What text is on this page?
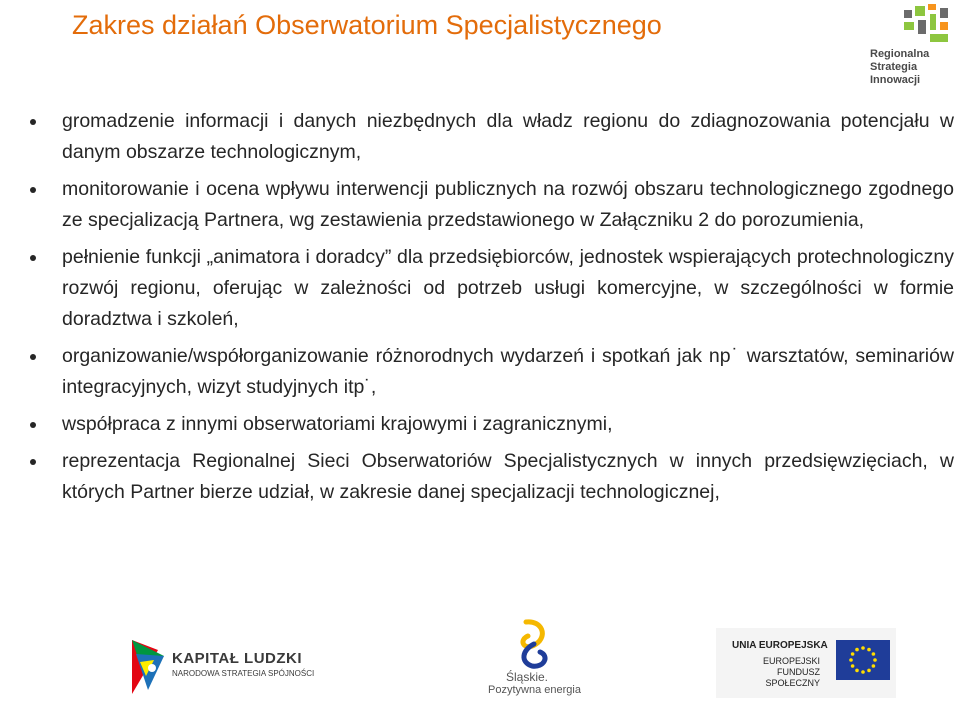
Zakres działań Obserwatorium Specjalistycznego
Regionalna
Strategia
Innowacji
gromadzenie informacji i danych niezbędnych dla władz regionu do zdiagnozowania potencjału w danym obszarze technologicznym,
monitorowanie i ocena wpływu interwencji publicznych na rozwój obszaru technologicznego zgodnego ze specjalizacją Partnera, wg zestawienia przedstawionego w Załączniku 2 do porozumienia,
pełnienie funkcji „animatora i doradcy” dla przedsiębiorców, jednostek wspierających protechnologiczny rozwój regionu, oferując w zależności od potrzeb usługi komercyjne, w szczególności w formie doradztwa i szkoleń,
organizowanie/współorganizowanie różnorodnych wydarzeń i spotkań jak np˙ warsztatów, seminariów integracyjnych, wizyt studyjnych itp˙,
współpraca z innymi obserwatoriami krajowymi i zagranicznymi,
reprezentacja Regionalnej Sieci Obserwatoriów Specjalistycznych w innych przedsięwzięciach, w których Partner bierze udział, w zakresie danej specjalizacji technologicznej,
KAPITAŁ LUDZKI
NARODOWA STRATEGIA SPÓJNOŚCI	Śląskie.
Pozytywna energia
UNIA EUROPEJSKA
EUROPEJSKI
FUNDUSZ SPOŁECZNY
